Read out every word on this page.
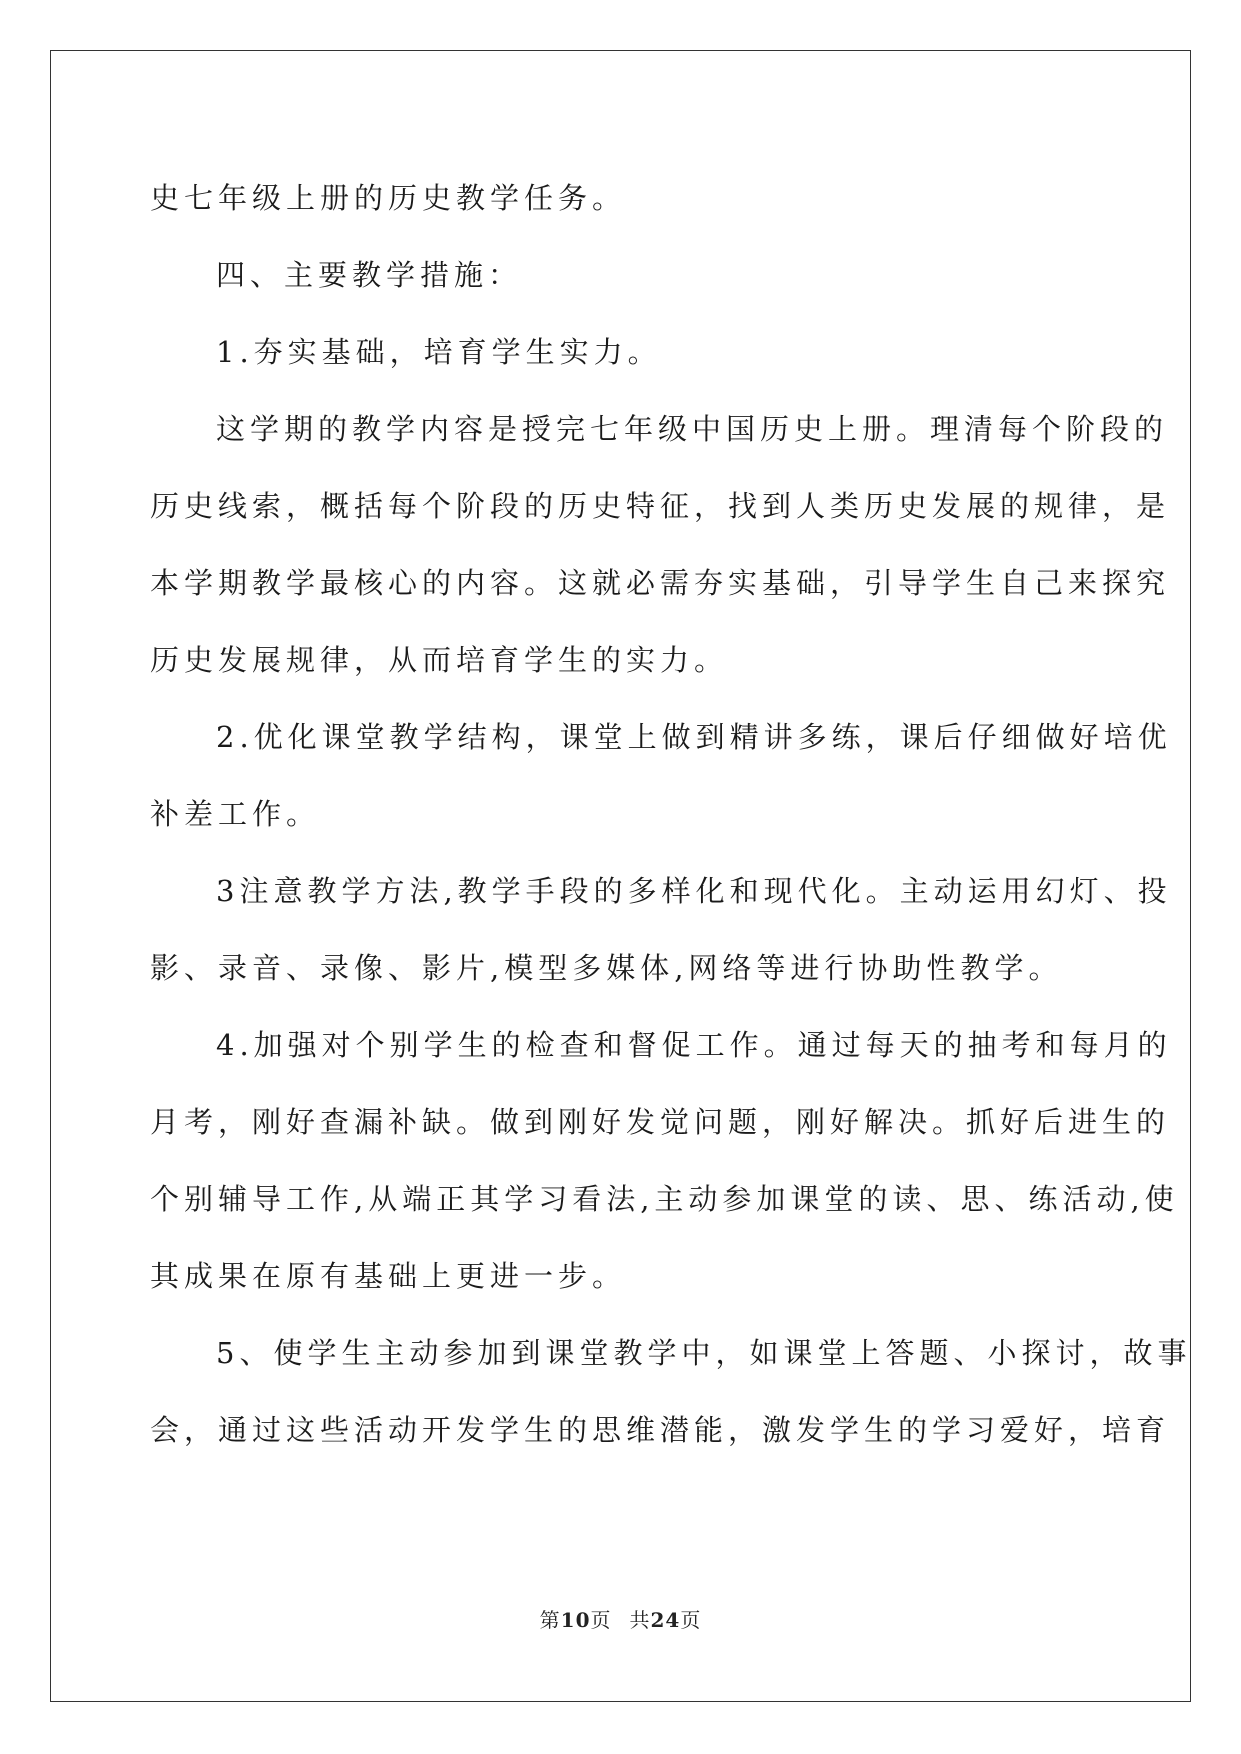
史七年级上册的历史教学任务。
四、主要教学措施：
1.夯实基础，培育学生实力。
这学期的教学内容是授完七年级中国历史上册。理清每个阶段的
历史线索，概括每个阶段的历史特征，找到人类历史发展的规律，是
本学期教学最核心的内容。这就必需夯实基础，引导学生自己来探究
历史发展规律，从而培育学生的实力。
2.优化课堂教学结构，课堂上做到精讲多练，课后仔细做好培优
补差工作。
3注意教学方法,教学手段的多样化和现代化。主动运用幻灯、投
影、录音、录像、影片,模型多媒体,网络等进行协助性教学。
4.加强对个别学生的检查和督促工作。通过每天的抽考和每月的
月考，刚好查漏补缺。做到刚好发觉问题，刚好解决。抓好后进生的
个别辅导工作,从端正其学习看法,主动参加课堂的读、思、练活动,使
其成果在原有基础上更进一步。
5、使学生主动参加到课堂教学中，如课堂上答题、小探讨，故事
会，通过这些活动开发学生的思维潜能，激发学生的学习爱好，培育
第10页 共24页
